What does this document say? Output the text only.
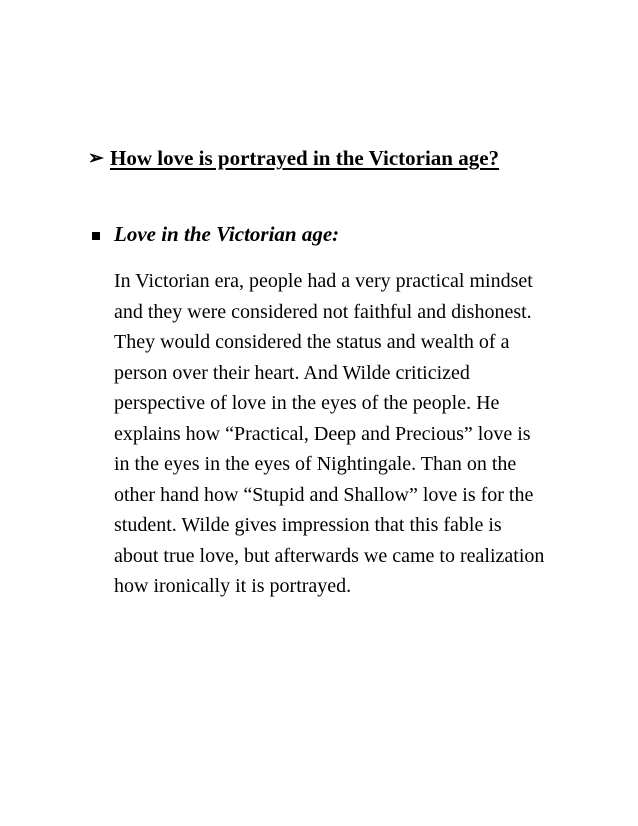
➢ How love is portrayed in the Victorian age?
Love in the Victorian age:

In Victorian era, people had a very practical mindset
and they were considered not faithful and dishonest.
They would considered the status and wealth of a
person over their heart. And Wilde criticized
perspective of love in the eyes of the people. He
explains how “Practical, Deep and Precious” love is
in the eyes in the eyes of Nightingale. Than on the
other hand how “Stupid and Shallow” love is for the
student. Wilde gives impression that this fable is
about true love, but afterwards we came to realization
how ironically it is portrayed.
